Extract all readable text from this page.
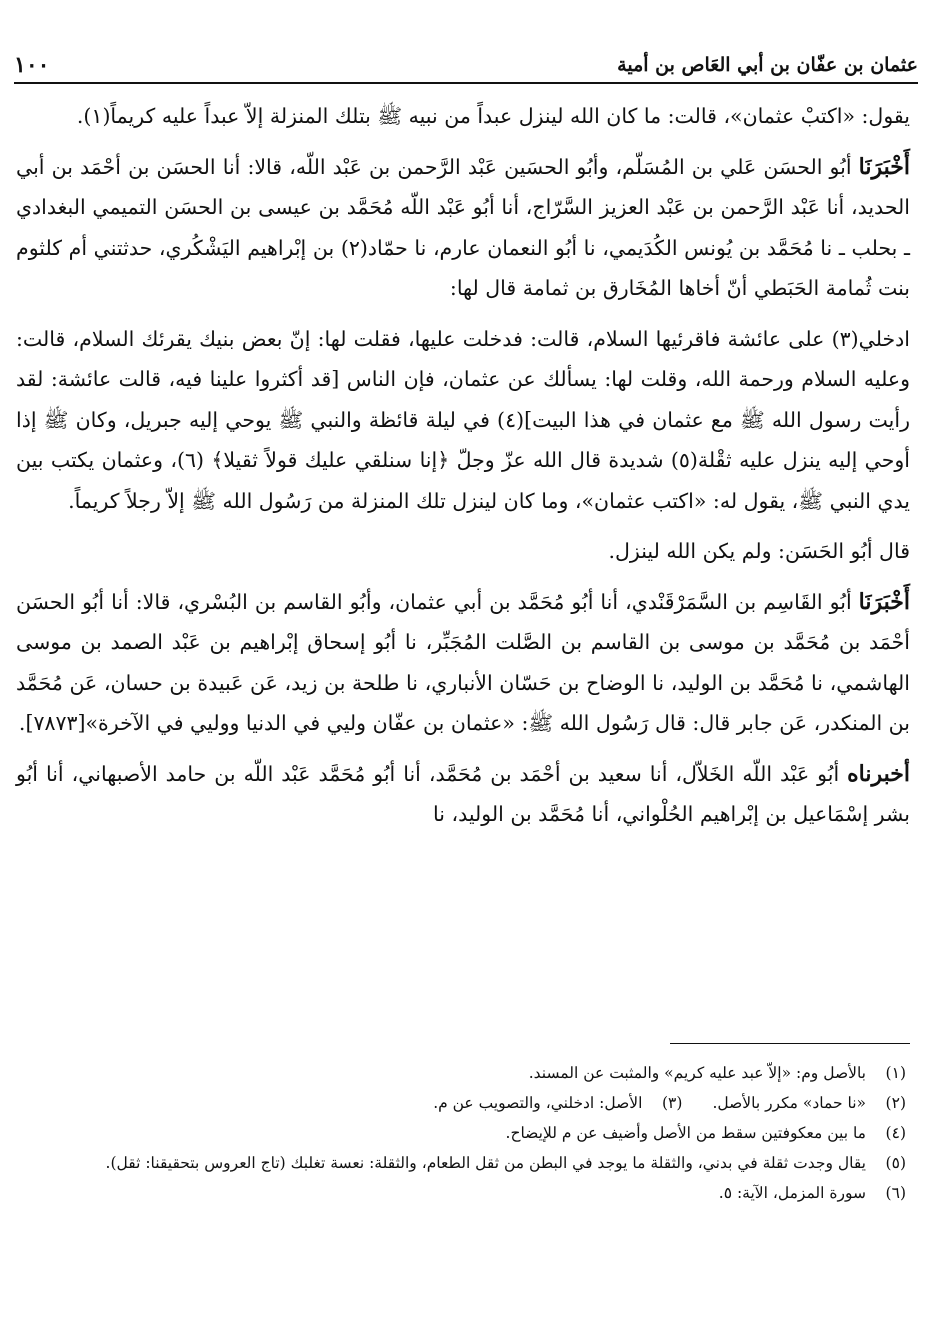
عثمان بن عفّان بن أبي العَاص بن أمية
١٠٠

يقول: «اكتبْ عثمان»، قالت: ما كان الله لينزل عبداً من نبيه ﷺ بتلك المنزلة إلاّ عبداً عليه كريماً(١).

أَخْبَرَنَا أبُو الحسَن عَلي بن المُسَلّم، وأبُو الحسَين عَبْد الرَّحمن بن عَبْد اللّه، قالا: أنا الحسَن بن أحْمَد بن أبي الحديد، أنا عَبْد الرَّحمن بن عَبْد العزيز السَّرّاج، أنا أبُو عَبْد اللّه مُحَمَّد بن عيسى بن الحسَن التميمي البغدادي ـ بحلب ـ نا مُحَمَّد بن يُونس الكُدَيمي، نا أبُو النعمان عارم، نا حمّاد(٢) بن إبْراهيم اليَشْكُري، حدثتني أم كلثوم بنت ثُمامة الحَبَطي أنّ أخاها المُخَارق بن ثمامة قال لها:

ادخلي(٣) على عائشة فاقرئيها السلام، قالت: فدخلت عليها، فقلت لها: إنّ بعض بنيك يقرئك السلام، قالت: وعليه السلام ورحمة الله، وقلت لها: يسألك عن عثمان، فإن الناس [قد أكثروا علينا فيه، قالت عائشة: لقد رأيت رسول الله ﷺ مع عثمان في هذا البيت](٤) في ليلة قائظة والنبي ﷺ يوحي إليه جبريل، وكان ﷺ إذا أوحي إليه ينزل عليه ثقْلة(٥) شديدة قال الله عزّ وجلّ ﴿إنا سنلقي عليك قولاً ثقيلا﴾ (٦)، وعثمان يكتب بين يدي النبي ﷺ، يقول له: «اكتب عثمان»، وما كان لينزل تلك المنزلة من رَسُول الله ﷺ إلاّ رجلاً كريماً.

قال أبُو الحَسَن: ولم يكن الله لينزل.

أَخْبَرَنَا أبُو القَاسِم بن السَّمَرْقَنْدي، أنا أبُو مُحَمَّد بن أبي عثمان، وأبُو القاسم بن البُسْري، قالا: أنا أبُو الحسَن أحْمَد بن مُحَمَّد بن موسى بن القاسم بن الصَّلت المُجَبِّر، نا أبُو إسحاق إبْراهيم بن عَبْد الصمد بن موسى الهاشمي، نا مُحَمَّد بن الوليد، نا الوضاح بن حَسّان الأنباري، نا طلحة بن زيد، عَن عَبيدة بن حسان، عَن مُحَمَّد بن المنكدر، عَن جابر قال: قال رَسُول الله ﷺ: «عثمان بن عفّان وليي في الدنيا ووليي في الآخرة»[٧٨٧٣].

أخبرناه أبُو عَبْد اللّه الخَلاّل، أنا سعيد بن أحْمَد بن مُحَمَّد، أنا أبُو مُحَمَّد عَبْد اللّه بن حامد الأصبهاني، أنا أبُو بشر إسْمَاعيل بن إبْراهيم الحُلْواني، أنا مُحَمَّد بن الوليد، نا

(١)
بالأصل وم: «إلاّ عبد عليه كريم» والمثبت عن المسند.
(٢)
«نا حماد» مكرر بالأصل.
(٣)
الأصل: ادخلني، والتصويب عن م.
(٤)
ما بين معكوفتين سقط من الأصل وأضيف عن م للإيضاح.
(٥)
يقال وجدت ثقلة في بدني، والثقلة ما يوجد في البطن من ثقل الطعام، والثقلة: نعسة تغلبك (تاج العروس بتحقيقنا: ثقل).
(٦)
سورة المزمل، الآية: ٥.
